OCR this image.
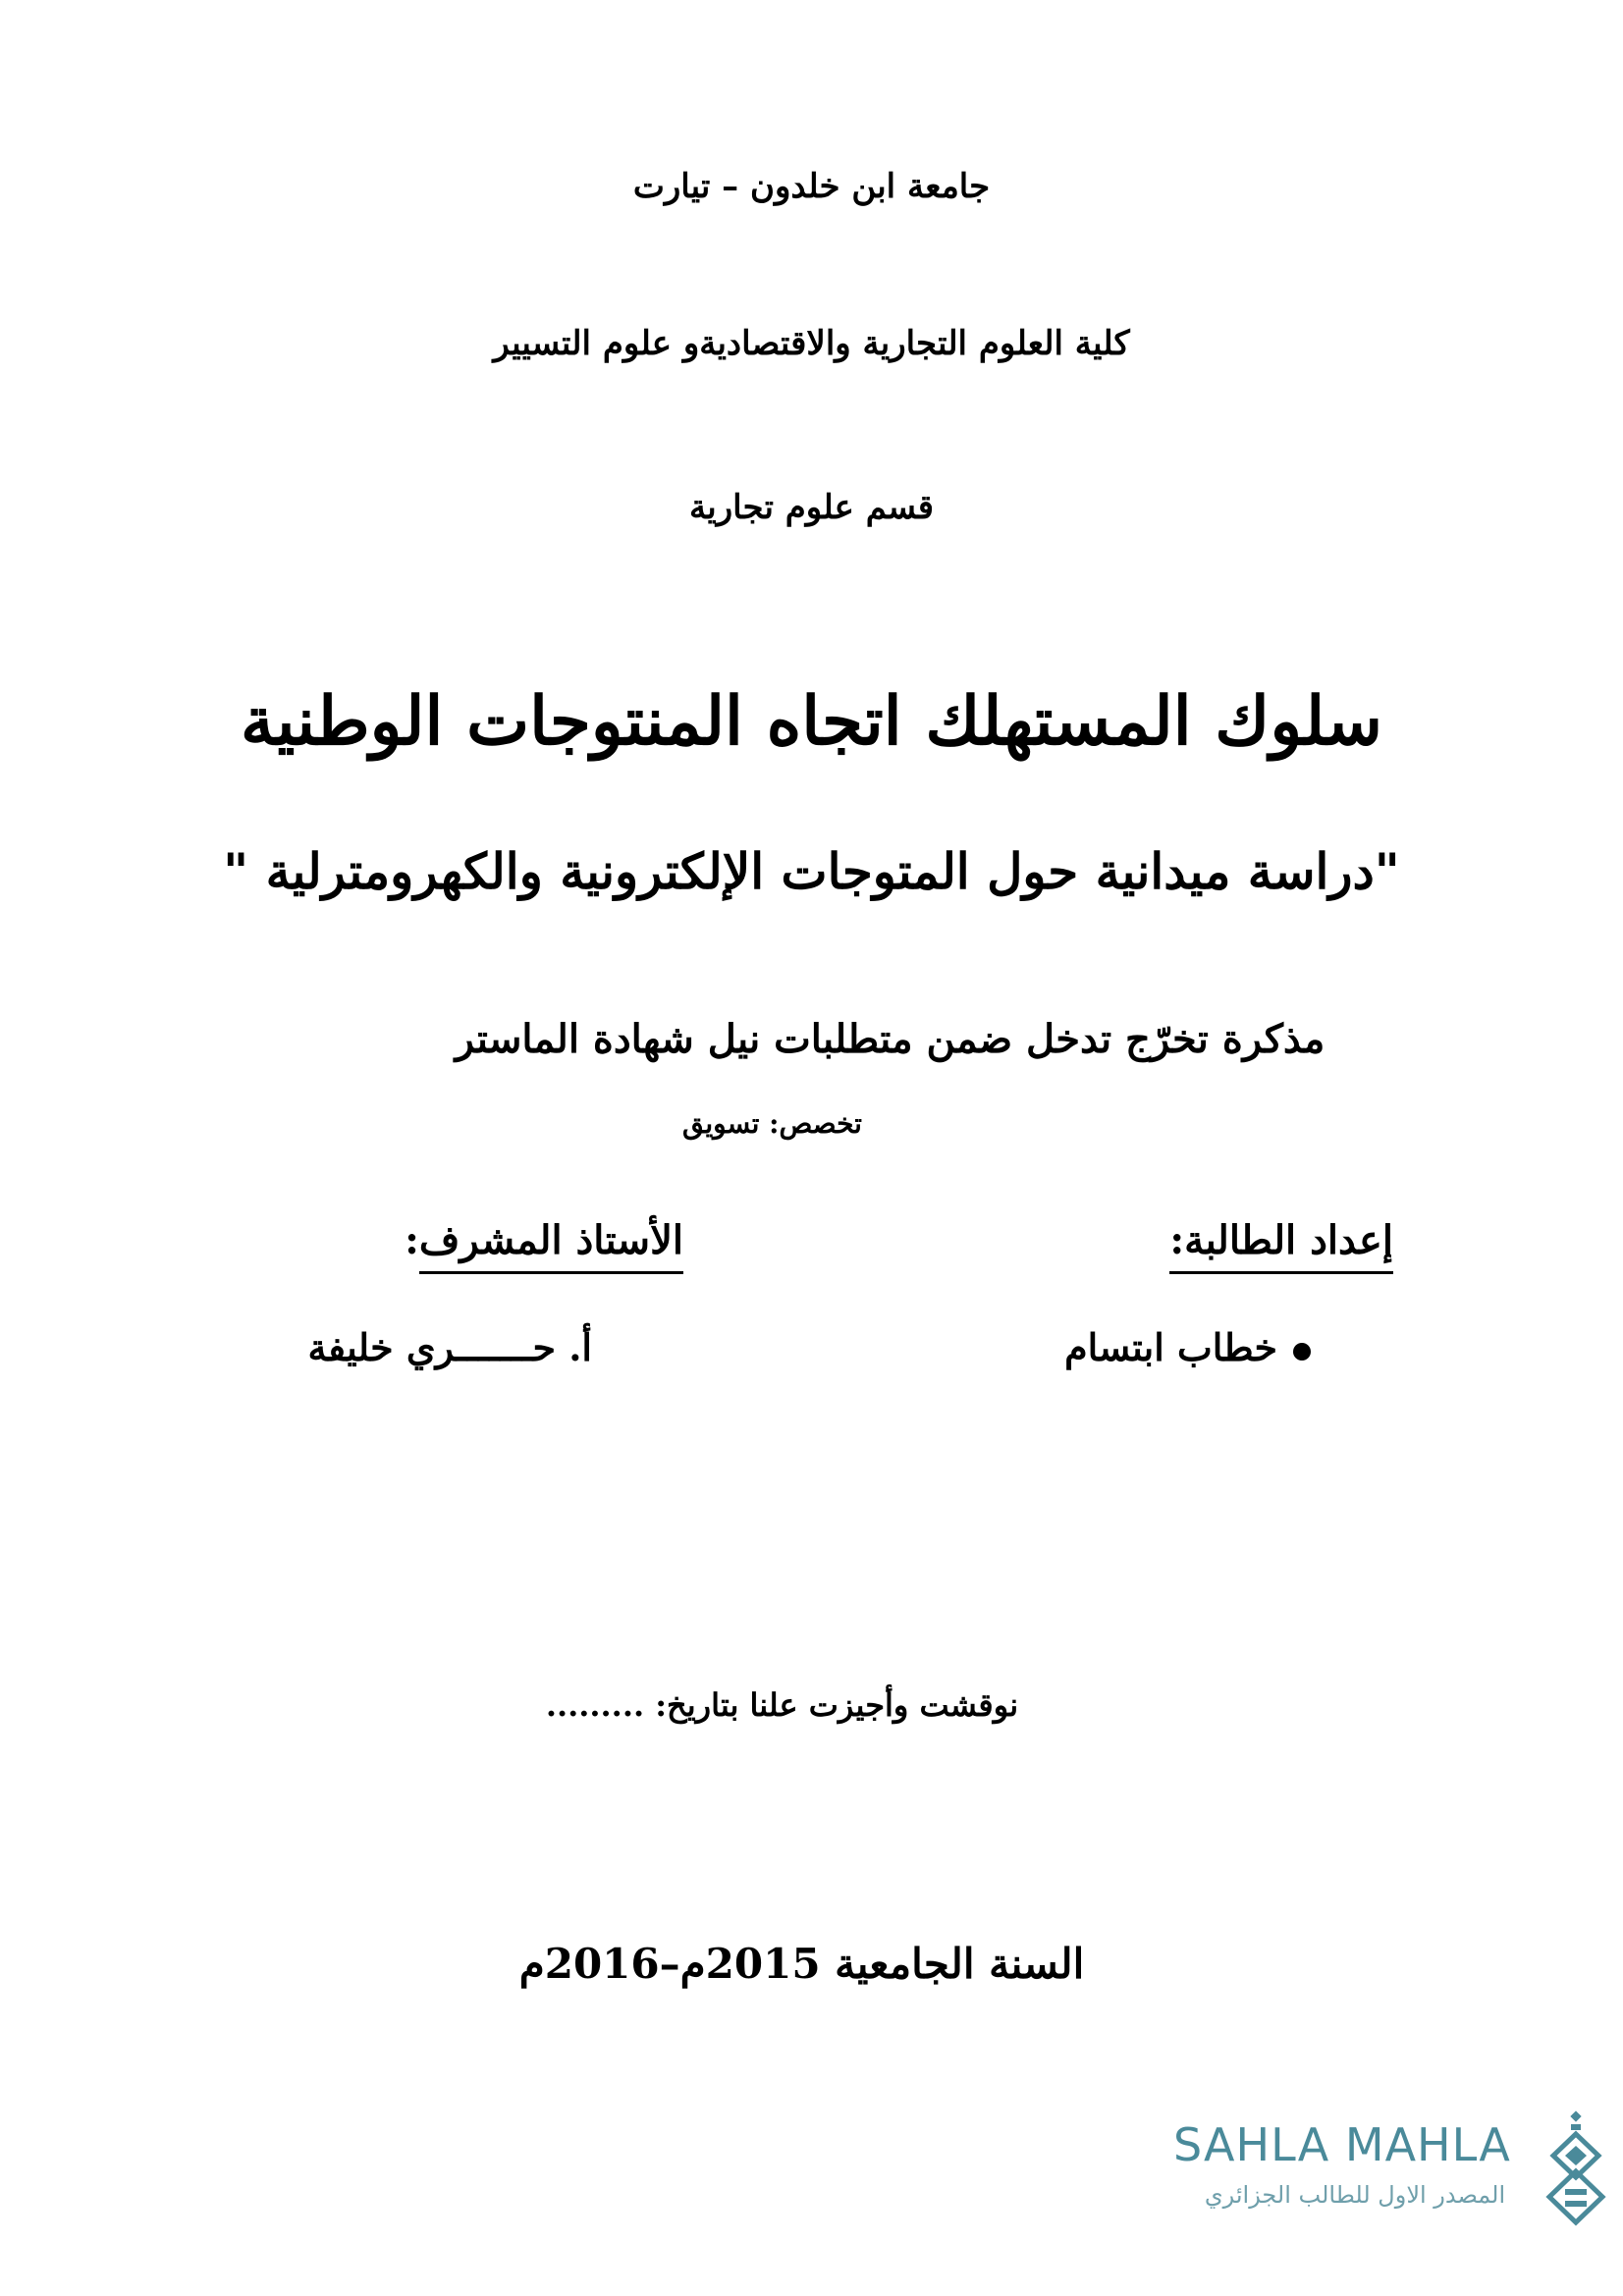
جامعة ابن خلدون – تيارت
كلية العلوم التجارية والاقتصاديةو علوم التسيير
قسم علوم تجارية
سلوك المستهلك اتجاه المنتوجات الوطنية
"دراسة ميدانية حول المتوجات الإلكترونية والكهرومترلية "
مذكرة تخرّج تدخل ضمن متطلبات نيل شهادة الماستر
تخصص: تسويق
إعداد الطالبة:
الأستاذ المشرف:
خطاب ابتسام
أ. حـــــــري خليفة
نوقشت وأجيزت علنا بتاريخ: .........
السنة الجامعية 2015م–2016م
SAHLA MAHLA
المصدر الاول للطالب الجزائري
